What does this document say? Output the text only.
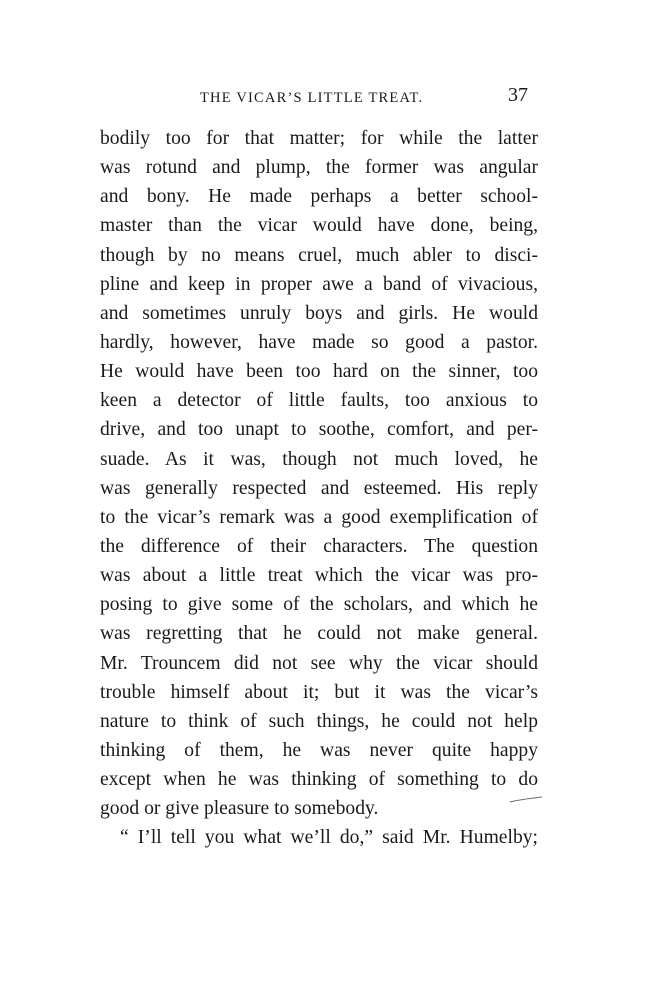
THE VICAR’S LITTLE TREAT.	37
bodily too for that matter; for while the latter
was rotund and plump, the former was angular
and bony. He made perhaps a better school-
master than the vicar would have done, being,
though by no means cruel, much abler to disci-
pline and keep in proper awe a band of vivacious,
and sometimes unruly boys and girls. He would
hardly, however, have made so good a pastor.
He would have been too hard on the sinner, too
keen a detector of little faults, too anxious to
drive, and too unapt to soothe, comfort, and per-
suade. As it was, though not much loved, he
was generally respected and esteemed. His reply
to the vicar’s remark was a good exemplification of
the difference of their characters. The question
was about a little treat which the vicar was pro-
posing to give some of the scholars, and which he
was regretting that he could not make general.
Mr. Trouncem did not see why the vicar should
trouble himself about it; but it was the vicar’s
nature to think of such things, he could not help
thinking of them, he was never quite happy
except when he was thinking of something to do
good or give pleasure to somebody.
“ I’ll tell you what we’ll do,” said Mr. Humelby;
